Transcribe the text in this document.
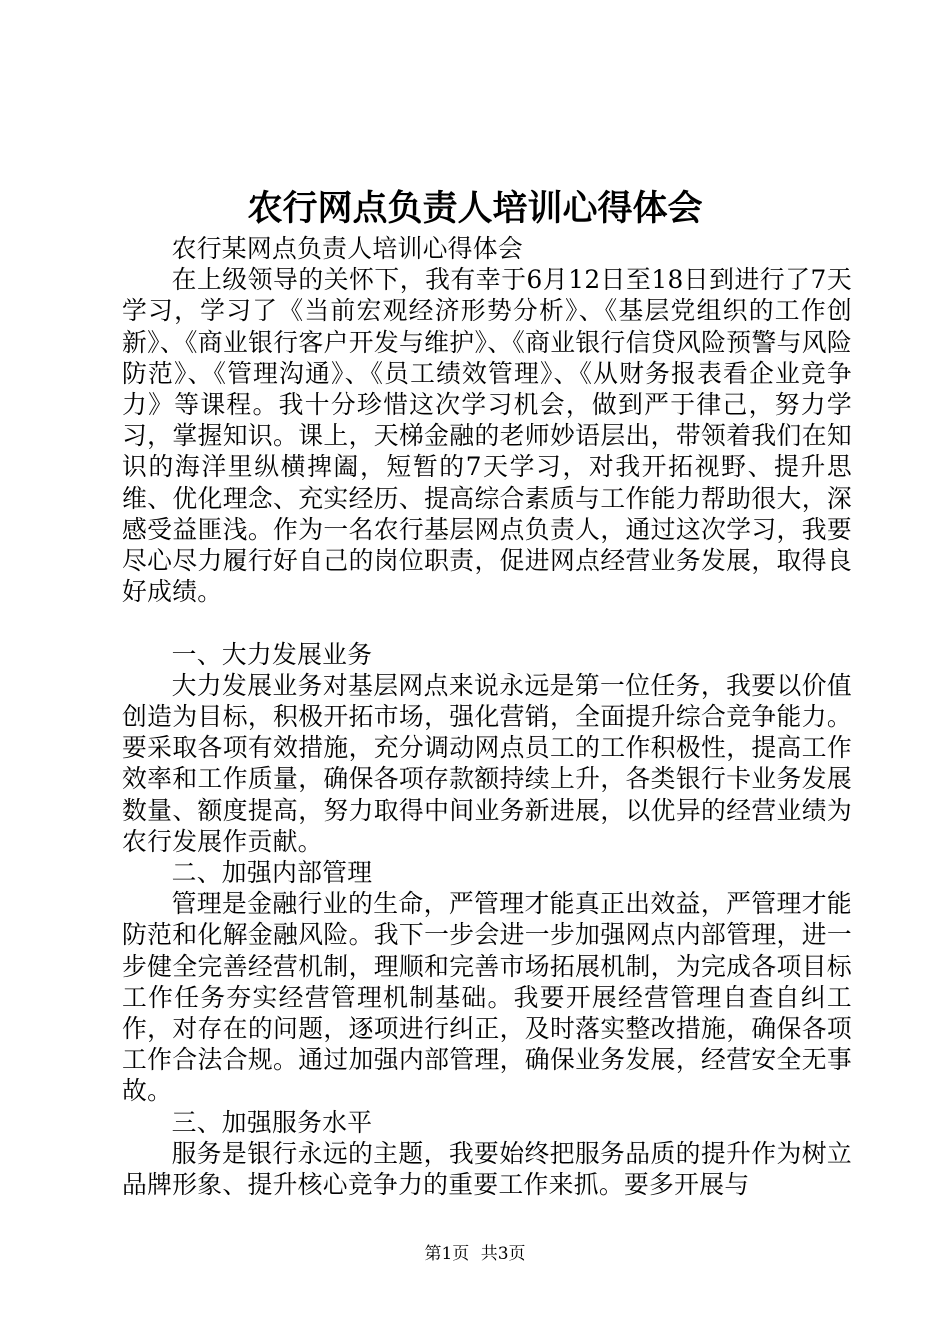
农行网点负责人培训心得体会

农行某网点负责人培训心得体会

在上级领导的关怀下，我有幸于6月12日至18日到进行了7天学习，学习了《当前宏观经济形势分析》、《基层党组织的工作创新》、《商业银行客户开发与维护》、《商业银行信贷风险预警与风险防范》、《管理沟通》、《员工绩效管理》、《从财务报表看企业竞争力》等课程。我十分珍惜这次学习机会，做到严于律己，努力学习，掌握知识。课上，天梯金融的老师妙语层出，带领着我们在知识的海洋里纵横捭阖，短暂的7天学习，对我开拓视野、提升思维、优化理念、充实经历、提高综合素质与工作能力帮助很大，深感受益匪浅。作为一名农行基层网点负责人，通过这次学习，我要尽心尽力履行好自己的岗位职责，促进网点经营业务发展，取得良好成绩。

一、大力发展业务

大力发展业务对基层网点来说永远是第一位任务，我要以价值创造为目标，积极开拓市场，强化营销，全面提升综合竞争能力。要采取各项有效措施，充分调动网点员工的工作积极性，提高工作效率和工作质量，确保各项存款额持续上升，各类银行卡业务发展数量、额度提高，努力取得中间业务新进展，以优异的经营业绩为农行发展作贡献。

二、加强内部管理

管理是金融行业的生命，严管理才能真正出效益，严管理才能防范和化解金融风险。我下一步会进一步加强网点内部管理，进一步健全完善经营机制，理顺和完善市场拓展机制，为完成各项目标工作任务夯实经营管理机制基础。我要开展经营管理自查自纠工作，对存在的问题，逐项进行纠正，及时落实整改措施，确保各项工作合法合规。通过加强内部管理，确保业务发展，经营安全无事故。

三、加强服务水平

服务是银行永远的主题，我要始终把服务品质的提升作为树立品牌形象、提升核心竞争力的重要工作来抓。要多开展与

第1页 共3页
